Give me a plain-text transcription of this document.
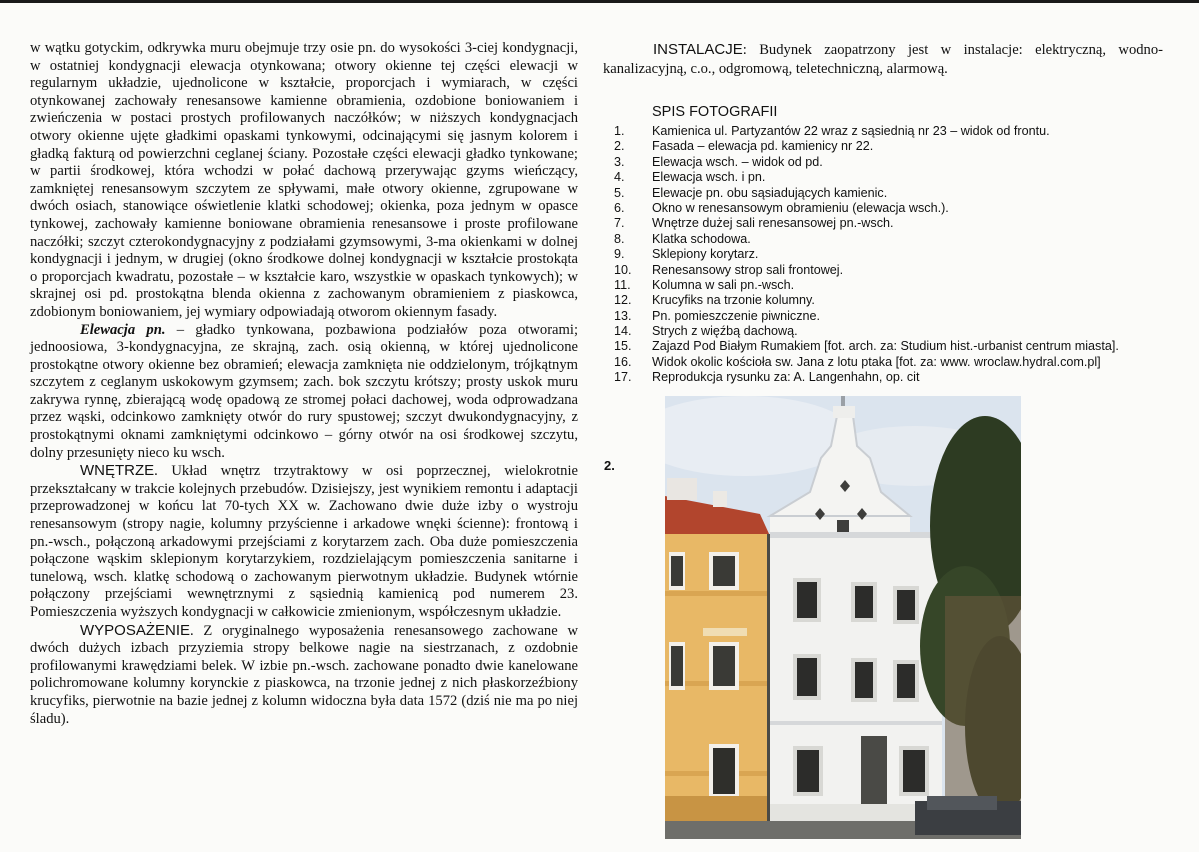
w wątku gotyckim, odkrywka muru obejmuje trzy osie pn. do wysokości 3-ciej kondygnacji, w ostatniej kondygnacji elewacja otynkowana; otwory okienne tej części elewacji w regularnym układzie, ujednolicone w kształcie, proporcjach i wymiarach, w części otynkowanej zachowały renesansowe kamienne obramienia, ozdobione boniowaniem i zwieńczenia w postaci prostych profilowanych naczółków; w niższych kondygnacjach otwory okienne ujęte gładkimi opaskami tynkowymi, odcinającymi się jasnym kolorem i gładką fakturą od powierzchni ceglanej ściany. Pozostałe części elewacji gładko tynkowane; w partii środkowej, która wchodzi w połać dachową przerywając gzyms wieńczący, zamkniętej renesansowym szczytem ze spływami, małe otwory okienne, zgrupowane w dwóch osiach, stanowiące oświetlenie klatki schodowej; okienka, poza jednym w opasce tynkowej, zachowały kamienne boniowane obramienia renesansowe i proste profilowane naczółki; szczyt czterokondygnacyjny z podziałami gzymsowymi, 3-ma okienkami w dolnej kondygnacji i jednym, w drugiej (okno środkowe dolnej kondygnacji w kształcie prostokąta o proporcjach kwadratu, pozostałe – w kształcie karo, wszystkie w opaskach tynkowych); w skrajnej osi pd. prostokątna blenda okienna z zachowanym obramieniem z piaskowca, zdobionym boniowaniem, jej wymiary odpowiadają otworom okiennym fasady.

Elewacja pn. – gładko tynkowana, pozbawiona podziałów poza otworami; jednoosiowa, 3-kondygnacyjna, ze skrajną, zach. osią okienną, w której ujednolicone prostokątne otwory okienne bez obramień; elewacja zamknięta nie oddzielonym, trójkątnym szczytem z ceglanym uskokowym gzymsem; zach. bok szczytu krótszy; prosty uskok muru zakrywa rynnę, zbierającą wodę opadową ze stromej połaci dachowej, woda odprowadzana przez wąski, odcinkowo zamknięty otwór do rury spustowej; szczyt dwukondygnacyjny, z prostokątnymi oknami zamkniętymi odcinkowo – górny otwór na osi środkowej szczytu, dolny przesunięty nieco ku wsch.

WNĘTRZE. Układ wnętrz trzytraktowy w osi poprzecznej, wielokrotnie przekształcany w trakcie kolejnych przebudów. Dzisiejszy, jest wynikiem remontu i adaptacji przeprowadzonej w końcu lat 70-tych XX w. Zachowano dwie duże izby o wystroju renesansowym (stropy nagie, kolumny przyścienne i arkadowe wnęki ścienne): frontową i pn.-wsch., połączoną arkadowymi przejściami z korytarzem zach. Oba duże pomieszczenia połączone wąskim sklepionym korytarzykiem, rozdzielającym pomieszczenia sanitarne i tunelową, wsch. klatkę schodową o zachowanym pierwotnym układzie. Budynek wtórnie połączony przejściami wewnętrznymi z sąsiednią kamienicą pod numerem 23. Pomieszczenia wyższych kondygnacji w całkowicie zmienionym, współczesnym układzie.

WYPOSAŻENIE. Z oryginalnego wyposażenia renesansowego zachowane w dwóch dużych izbach przyziemia stropy belkowe nagie na siestrzanach, z ozdobnie profilowanymi krawędziami belek. W izbie pn.-wsch. zachowane ponadto dwie kanelowane polichromowane kolumny korynckie z piaskowca, na trzonie jednej z nich płaskorzeźbiony krucyfiks, pierwotnie na bazie jednej z kolumn widoczna była data 1572 (dziś nie ma po niej śladu).

INSTALACJE: Budynek zaopatrzony jest w instalacje: elektryczną, wodno-kanalizacyjną, c.o., odgromową, teletechniczną, alarmową.

SPIS FOTOGRAFII
1. Kamienica ul. Partyzantów 22 wraz z sąsiednią nr 23 – widok od frontu.
2. Fasada – elewacja pd. kamienicy nr 22.
3. Elewacja wsch. – widok od pd.
4. Elewacja wsch. i pn.
5. Elewacje pn. obu sąsiadujących kamienic.
6. Okno w renesansowym obramieniu (elewacja wsch.).
7. Wnętrze dużej sali renesansowej pn.-wsch.
8. Klatka schodowa.
9. Sklepiony korytarz.
10. Renesansowy strop sali frontowej.
11. Kolumna w sali pn.-wsch.
12. Krucyfiks na trzonie kolumny.
13. Pn. pomieszczenie piwniczne.
14. Strych z więźbą dachową.
15. Zajazd Pod Białym Rumakiem [fot. arch. za: Studium hist.-urbanist centrum miasta].
16. Widok okolic kościoła sw. Jana z lotu ptaka [fot. za: www. wroclaw.hydral.com.pl]
17. Reprodukcja rysunku za: A. Langenhahn, op. cit
2.
